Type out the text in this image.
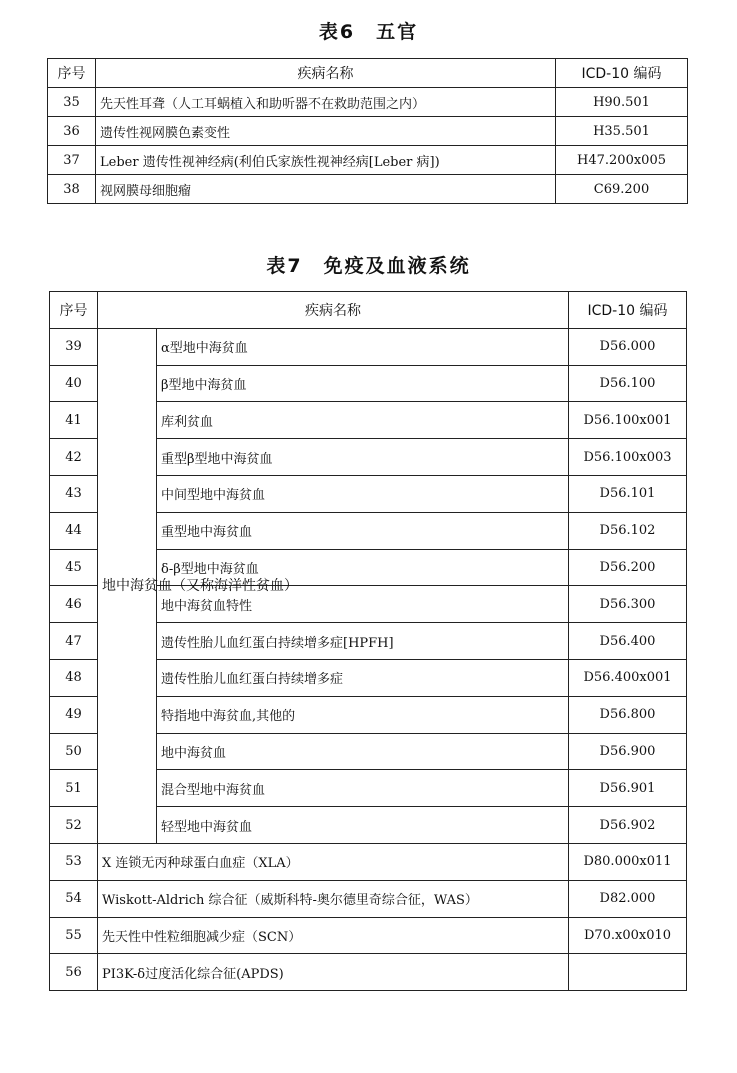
表6　五官
序号	疾病名称	ICD-10 编码
35	先天性耳聋（人工耳蜗植入和助听器不在救助范围之内）	H90.501
36	遗传性视网膜色素变性	H35.501
37	Leber 遗传性视神经病(利伯氏家族性视神经病[Leber 病])	H47.200x005
38	视网膜母细胞瘤	C69.200
表7　免疫及血液系统
序号	疾病名称		ICD-10 编码
39	地中海贫血（又称海洋性贫血）	α型地中海贫血	D56.000
40		β型地中海贫血	D56.100
41		库利贫血	D56.100x001
42		重型β型地中海贫血	D56.100x003
43		中间型地中海贫血	D56.101
44		重型地中海贫血	D56.102
45		δ-β型地中海贫血	D56.200
46		地中海贫血特性	D56.300
47		遗传性胎儿血红蛋白持续增多症[HPFH]	D56.400
48		遗传性胎儿血红蛋白持续增多症	D56.400x001
49		特指地中海贫血,其他的	D56.800
50		地中海贫血	D56.900
51		混合型地中海贫血	D56.901
52		轻型地中海贫血	D56.902
53	X 连锁无丙种球蛋白血症（XLA）		D80.000x011
54	Wiskott-Aldrich 综合征（威斯科特-奥尔德里奇综合征，WAS）		D82.000
55	先天性中性粒细胞减少症（SCN）		D70.x00x010
56	PI3K-δ过度活化综合征(APDS)		
